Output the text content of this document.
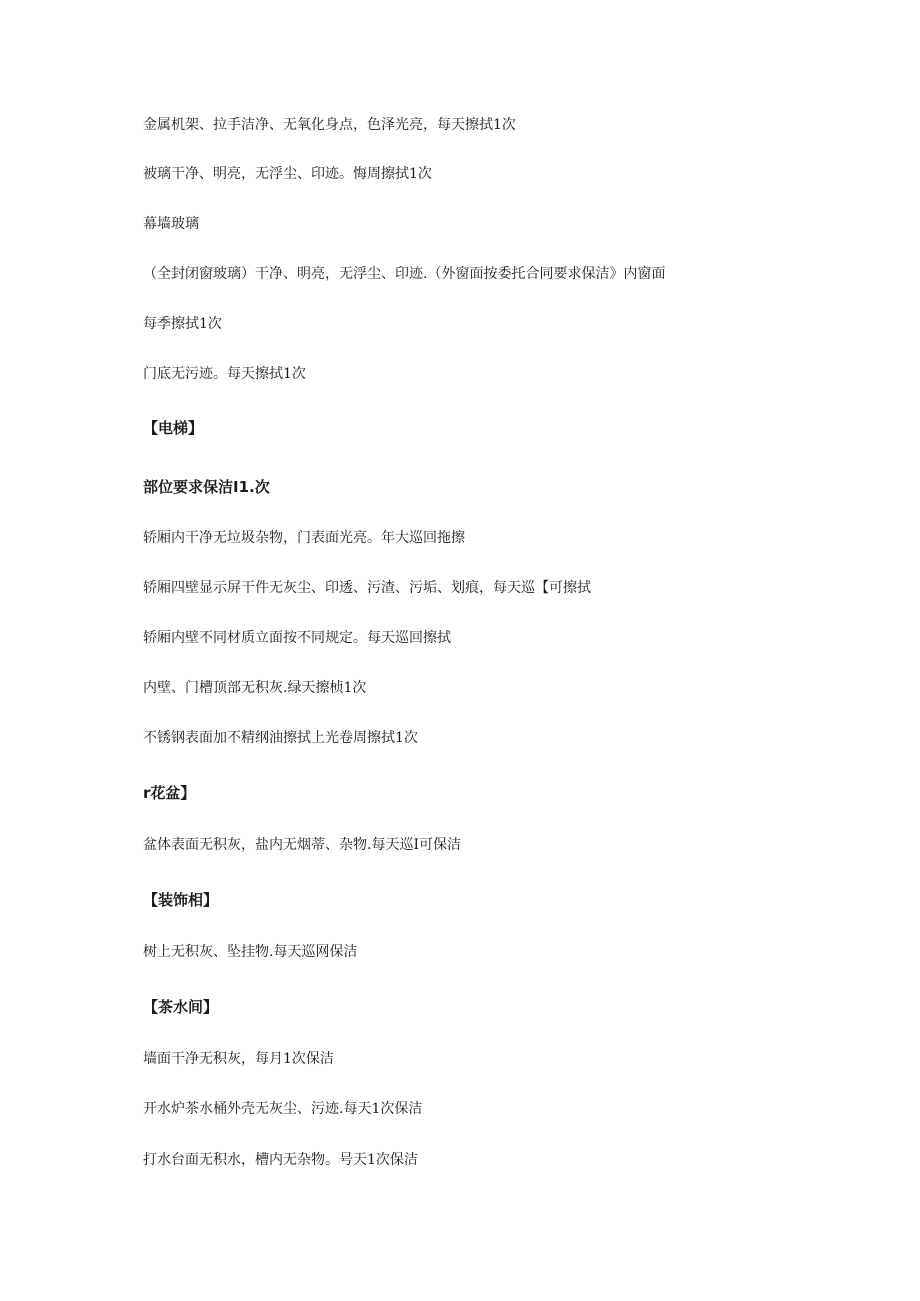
金属机架、拉手洁净、无氧化身点，色泽光亮，每天擦拭1次
被璃干净、明亮，无浮尘、印迹。悔周擦拭1次
幕墙玻璃
（全封闭窗玻璃）干净、明亮，无浮尘、印迹.（外窗面按委托合同要求保洁》内窗面
每季擦拭1次
门底无污迹。每天擦拭1次
【电梯】
部位要求保洁I1.次
轿厢内干净无垃圾杂物，门表面光亮。年大巡回拖擦
轿厢四壁显示屏干件无灰尘、印透、污渣、污垢、划痕，每天巡【可擦拭
轿厢内壁不同材质立面按不同规定。每天巡回擦拭
内壁、门槽顶部无积灰.绿天擦桢1次
不锈钢表面加不精纲油擦拭上光卷周擦拭1次
r花盆】
盆体表面无积灰，盐内无烟蒂、杂物.每天巡I可保洁
【装饰相】
树上无积灰、坠挂物.每天巡网保洁
【茶水间】
墙面干净无积灰，每月1次保洁
开水炉茶水桶外壳无灰尘、污迹.每天1次保洁
打水台面无积水，槽内无杂物。号天1次保洁
